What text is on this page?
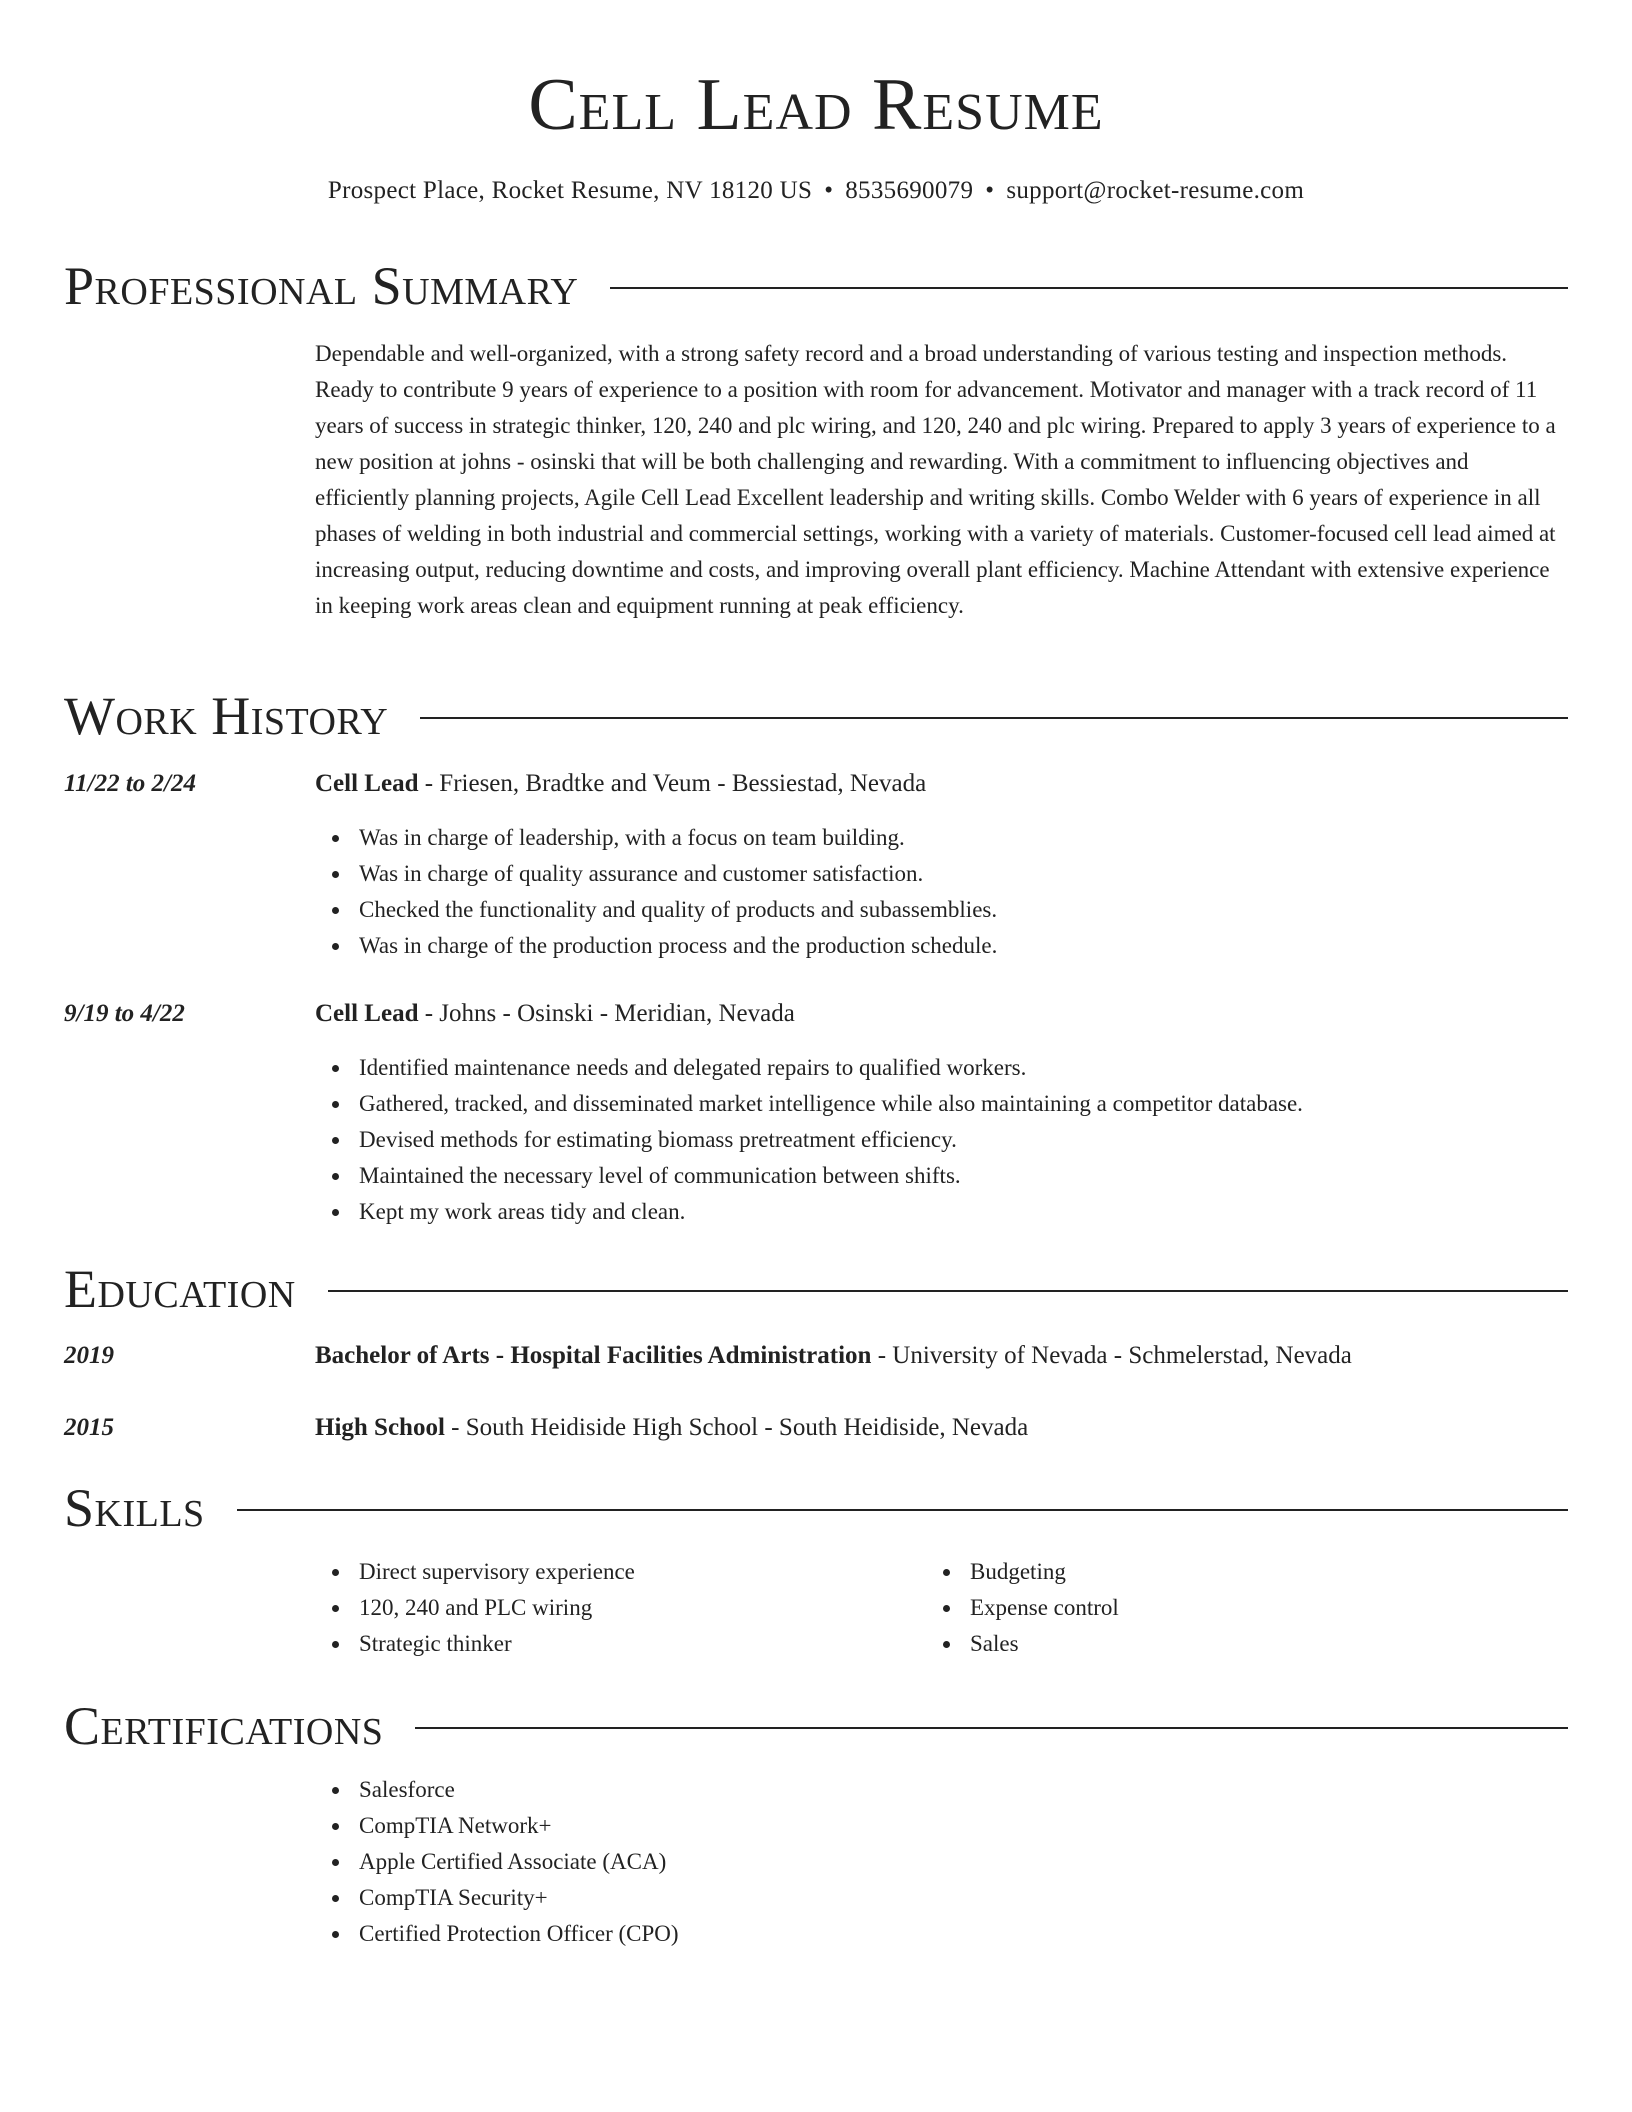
Cell Lead Resume
Prospect Place, Rocket Resume, NV 18120 US • 8535690079 • support@rocket-resume.com
Professional Summary
Dependable and well-organized, with a strong safety record and a broad understanding of various testing and inspection methods. Ready to contribute 9 years of experience to a position with room for advancement. Motivator and manager with a track record of 11 years of success in strategic thinker, 120, 240 and plc wiring, and 120, 240 and plc wiring. Prepared to apply 3 years of experience to a new position at johns - osinski that will be both challenging and rewarding. With a commitment to influencing objectives and efficiently planning projects, Agile Cell Lead Excellent leadership and writing skills. Combo Welder with 6 years of experience in all phases of welding in both industrial and commercial settings, working with a variety of materials. Customer-focused cell lead aimed at increasing output, reducing downtime and costs, and improving overall plant efficiency. Machine Attendant with extensive experience in keeping work areas clean and equipment running at peak efficiency.
Work History
11/22 to 2/24	Cell Lead - Friesen, Bradtke and Veum - Bessiestad, Nevada
Was in charge of leadership, with a focus on team building.
Was in charge of quality assurance and customer satisfaction.
Checked the functionality and quality of products and subassemblies.
Was in charge of the production process and the production schedule.
9/19 to 4/22	Cell Lead - Johns - Osinski - Meridian, Nevada
Identified maintenance needs and delegated repairs to qualified workers.
Gathered, tracked, and disseminated market intelligence while also maintaining a competitor database.
Devised methods for estimating biomass pretreatment efficiency.
Maintained the necessary level of communication between shifts.
Kept my work areas tidy and clean.
Education
2019	Bachelor of Arts - Hospital Facilities Administration - University of Nevada - Schmelerstad, Nevada
2015	High School - South Heidiside High School - South Heidiside, Nevada
Skills
Direct supervisory experience
120, 240 and PLC wiring
Strategic thinker
Budgeting
Expense control
Sales
Certifications
Salesforce
CompTIA Network+
Apple Certified Associate (ACA)
CompTIA Security+
Certified Protection Officer (CPO)
